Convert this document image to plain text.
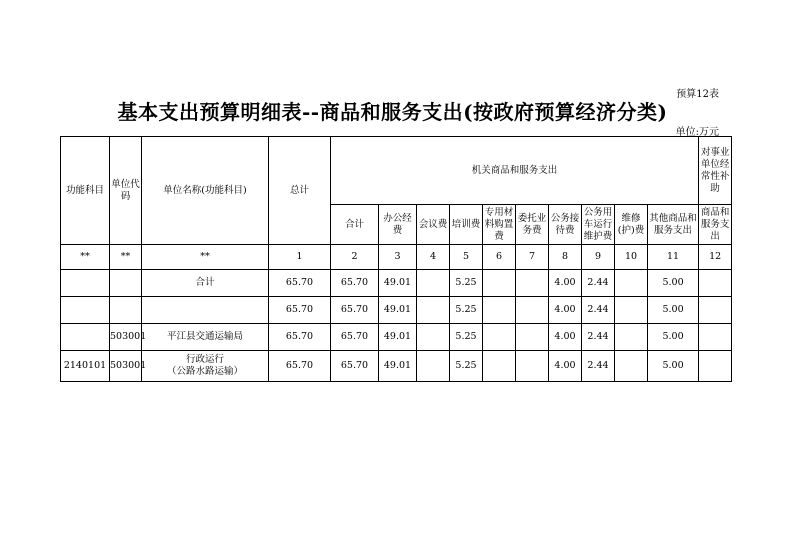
预算12表
基本支出预算明细表--商品和服务支出(按政府预算经济分类)
单位:万元
功能科目	单位代码	单位名称(功能科目)	总计	机关商品和服务支出										对事业单位经常性补助
				合计	办公经费	会议费	培训费	专用材料购置费	委托业务费	公务接待费	公务用车运行维护费	维修(护)费	其他商品和服务支出	商品和服务支出
**	**	**	1	2	3	4	5	6	7	8	9	10	11	12
		合计	65.70	65.70	49.01		5.25			4.00	2.44		5.00	
			65.70	65.70	49.01		5.25			4.00	2.44		5.00	
	503001	平江县交通运输局	65.70	65.70	49.01		5.25			4.00	2.44		5.00	
2140101	503001	行政运行
（公路水路运输）	65.70	65.70	49.01		5.25			4.00	2.44		5.00	
